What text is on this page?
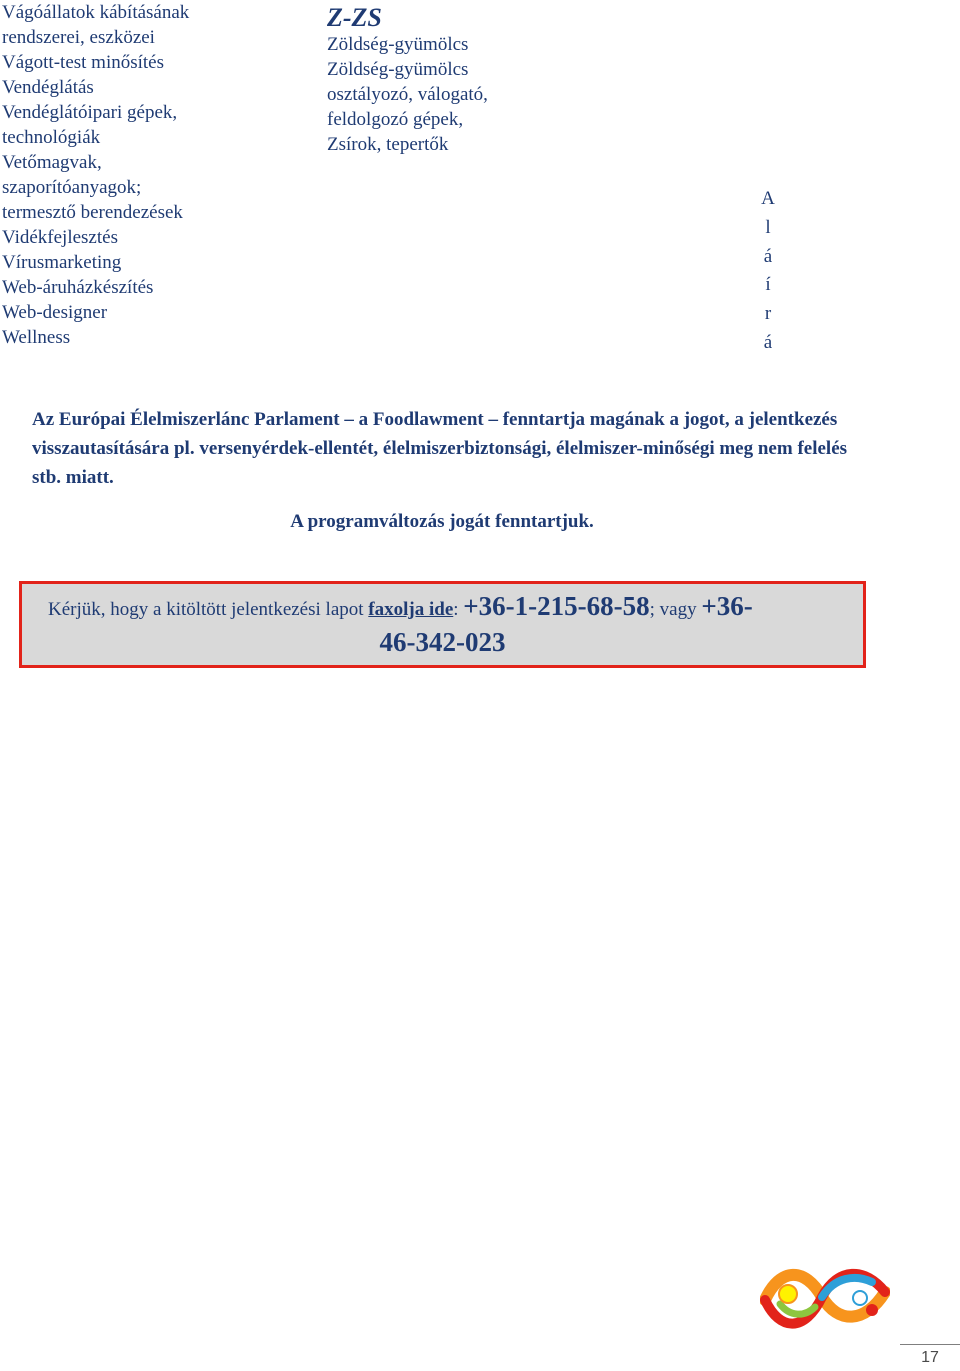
Vágóállatok kábításának
rendszerei, eszközei
Vágott-test minősítés
Vendéglátás
Vendéglátóipari gépek,
technológiák
Vetőmagvak,
szaporítóanyagok;
termesztő berendezések
Vidékfejlesztés
Vírusmarketing
Web-áruházkészítés
Web-designer
Wellness
Z-ZS
Zöldség-gyümölcs
Zöldség-gyümölcs
osztályozó, válogató,
feldolgozó gépek,
Zsírok, tepertők
A
l
á
í
r
á
Az Európai Élelmiszerlánc Parlament – a Foodlawment – fenntartja magának a jogot, a jelentkezés visszautasítására pl. versenyérdek-ellentét, élelmiszerbiztonsági, élelmiszer-minőségi meg nem felelés stb. miatt.
A programváltozás jogát fenntartjuk.
Kérjük, hogy a kitöltött jelentkezési lapot faxolja ide: +36-1-215-68-58; vagy +36-
46-342-023
17
